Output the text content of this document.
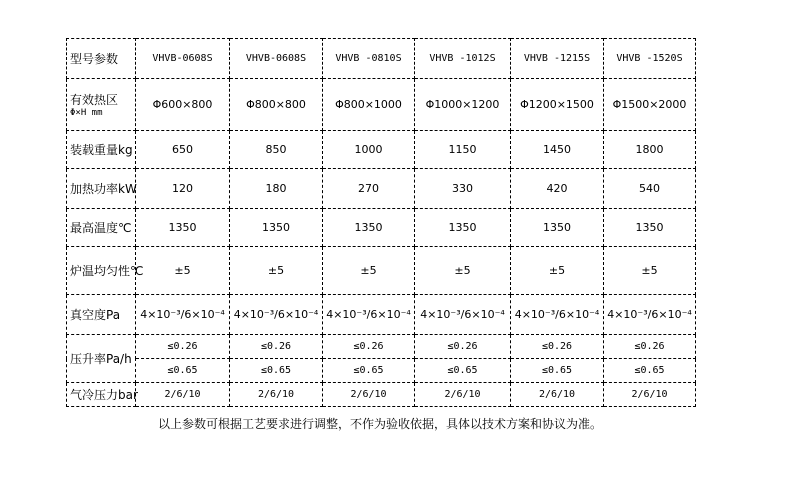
型号参数	VHVB-0608S	VHVB-0608S	VHVB -0810S	VHVB -1012S	VHVB -1215S	VHVB -1520S
有效热区
Φ×H mm	Φ600×800	Φ800×800	Φ800×1000	Φ1000×1200	Φ1200×1500	Φ1500×2000
装载重量kg	650	850	1000	1150	1450	1800
加热功率kW	120	180	270	330	420	540
最高温度℃	1350	1350	1350	1350	1350	1350
炉温均匀性℃	±5	±5	±5	±5	±5	±5
真空度Pa	4×10⁻³/6×10⁻⁴	4×10⁻³/6×10⁻⁴	4×10⁻³/6×10⁻⁴	4×10⁻³/6×10⁻⁴	4×10⁻³/6×10⁻⁴	4×10⁻³/6×10⁻⁴
压升率Pa/h	≤0.26	≤0.26	≤0.26	≤0.26	≤0.26	≤0.26
	≤0.65	≤0.65	≤0.65	≤0.65	≤0.65	≤0.65
气冷压力bar	2/6/10	2/6/10	2/6/10	2/6/10	2/6/10	2/6/10
以上参数可根据工艺要求进行调整，不作为验收依据，具体以技术方案和协议为准。
